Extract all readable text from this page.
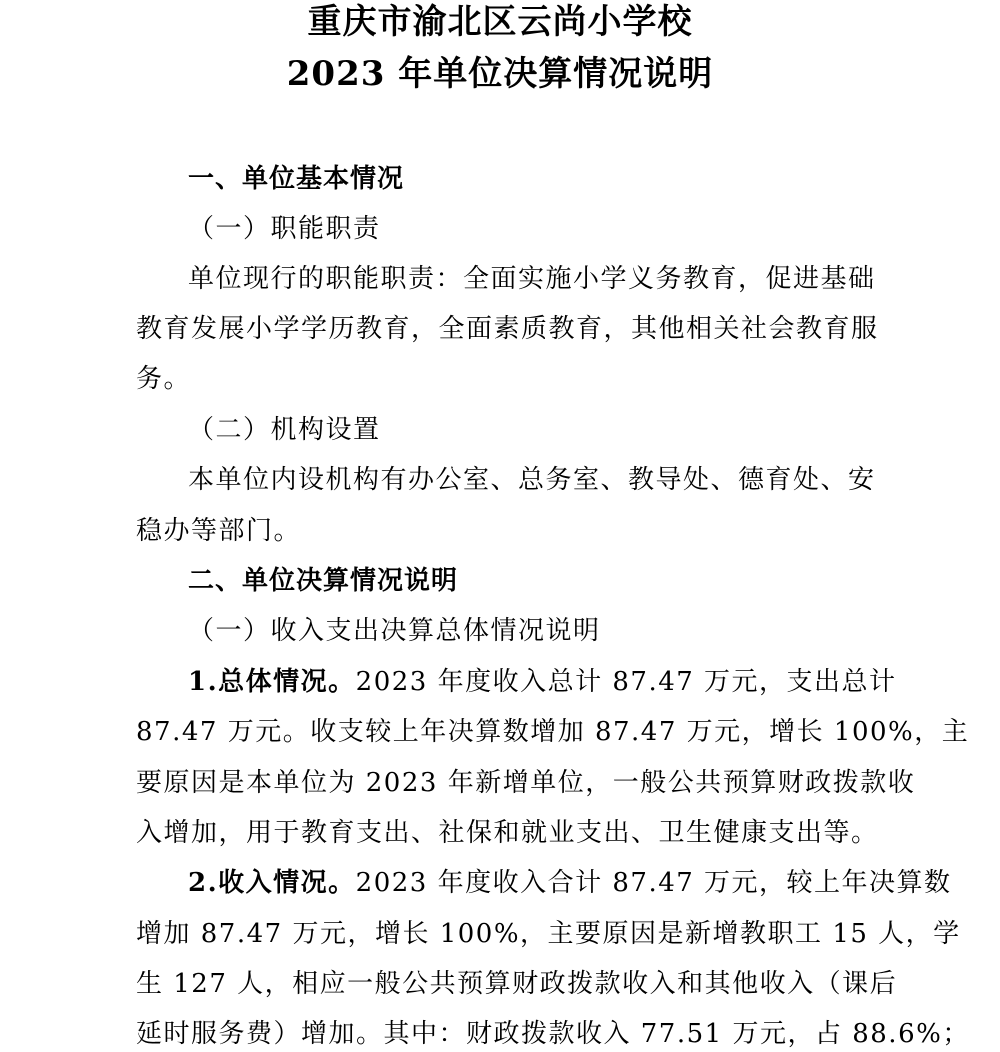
重庆市渝北区云尚小学校
2023 年单位决算情况说明
一、单位基本情况
（一）职能职责
单位现行的职能职责：全面实施小学义务教育，促进基础
教育发展小学学历教育，全面素质教育，其他相关社会教育服
务。
（二）机构设置
本单位内设机构有办公室、总务室、教导处、德育处、安
稳办等部门。
二、单位决算情况说明
（一）收入支出决算总体情况说明
1.总体情况。2023 年度收入总计 87.47 万元，支出总计
87.47 万元。收支较上年决算数增加 87.47 万元，增长 100%，主
要原因是本单位为 2023 年新增单位，一般公共预算财政拨款收
入增加，用于教育支出、社保和就业支出、卫生健康支出等。
2.收入情况。2023 年度收入合计 87.47 万元，较上年决算数
增加 87.47 万元，增长 100%，主要原因是新增教职工 15 人，学
生 127 人，相应一般公共预算财政拨款收入和其他收入（课后
延时服务费）增加。其中：财政拨款收入 77.51 万元，占 88.6%；
